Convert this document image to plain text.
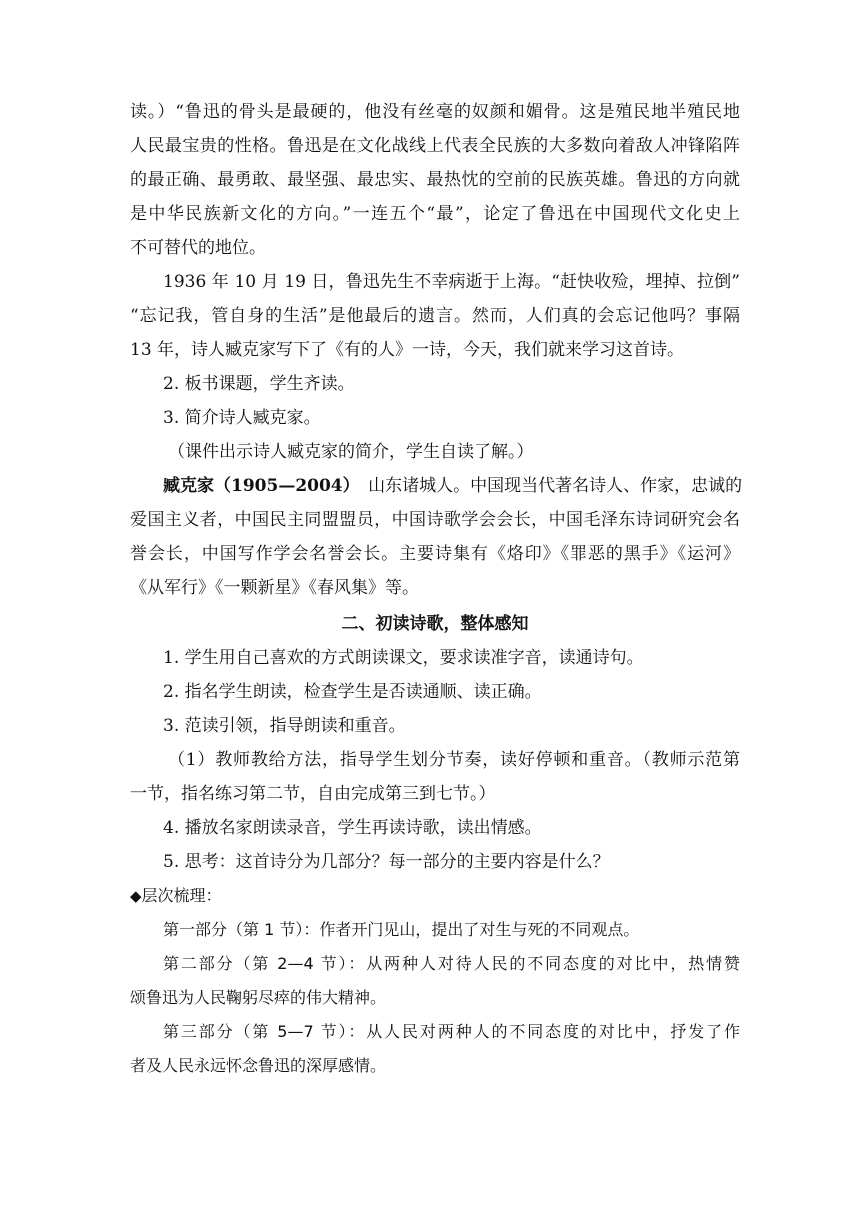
读。）“鲁迅的骨头是最硬的，他没有丝毫的奴颜和媚骨。这是殖民地半殖民地
人民最宝贵的性格。鲁迅是在文化战线上代表全民族的大多数向着敌人冲锋陷阵
的最正确、最勇敢、最坚强、最忠实、最热忱的空前的民族英雄。鲁迅的方向就
是中华民族新文化的方向。”一连五个“最”，论定了鲁迅在中国现代文化史上
不可替代的地位。
1936 年 10 月 19 日，鲁迅先生不幸病逝于上海。“赶快收殓，埋掉、拉倒”
“忘记我，管自身的生活”是他最后的遗言。然而，人们真的会忘记他吗？事隔
13 年，诗人臧克家写下了《有的人》一诗，今天，我们就来学习这首诗。
2. 板书课题，学生齐读。
3. 简介诗人臧克家。
（课件出示诗人臧克家的简介，学生自读了解。）
臧克家（1905—2004）　山东诸城人。中国现当代著名诗人、作家，忠诚的
爱国主义者，中国民主同盟盟员，中国诗歌学会会长，中国毛泽东诗词研究会名
誉会长，中国写作学会名誉会长。主要诗集有《烙印》《罪恶的黑手》《运河》
《从军行》《一颗新星》《春风集》等。
二、初读诗歌，整体感知
1. 学生用自己喜欢的方式朗读课文，要求读准字音，读通诗句。
2. 指名学生朗读，检查学生是否读通顺、读正确。
3. 范读引领，指导朗读和重音。
（1）教师教给方法，指导学生划分节奏，读好停顿和重音。（教师示范第
一节，指名练习第二节，自由完成第三到七节。）
4. 播放名家朗读录音，学生再读诗歌，读出情感。
5. 思考：这首诗分为几部分？每一部分的主要内容是什么？
◆层次梳理：
第一部分（第 1 节）：作者开门见山，提出了对生与死的不同观点。
第二部分（第 2—4 节）：从两种人对待人民的不同态度的对比中，热情赞
颂鲁迅为人民鞠躬尽瘁的伟大精神。
第三部分（第 5—7 节）：从人民对两种人的不同态度的对比中，抒发了作
者及人民永远怀念鲁迅的深厚感情。
